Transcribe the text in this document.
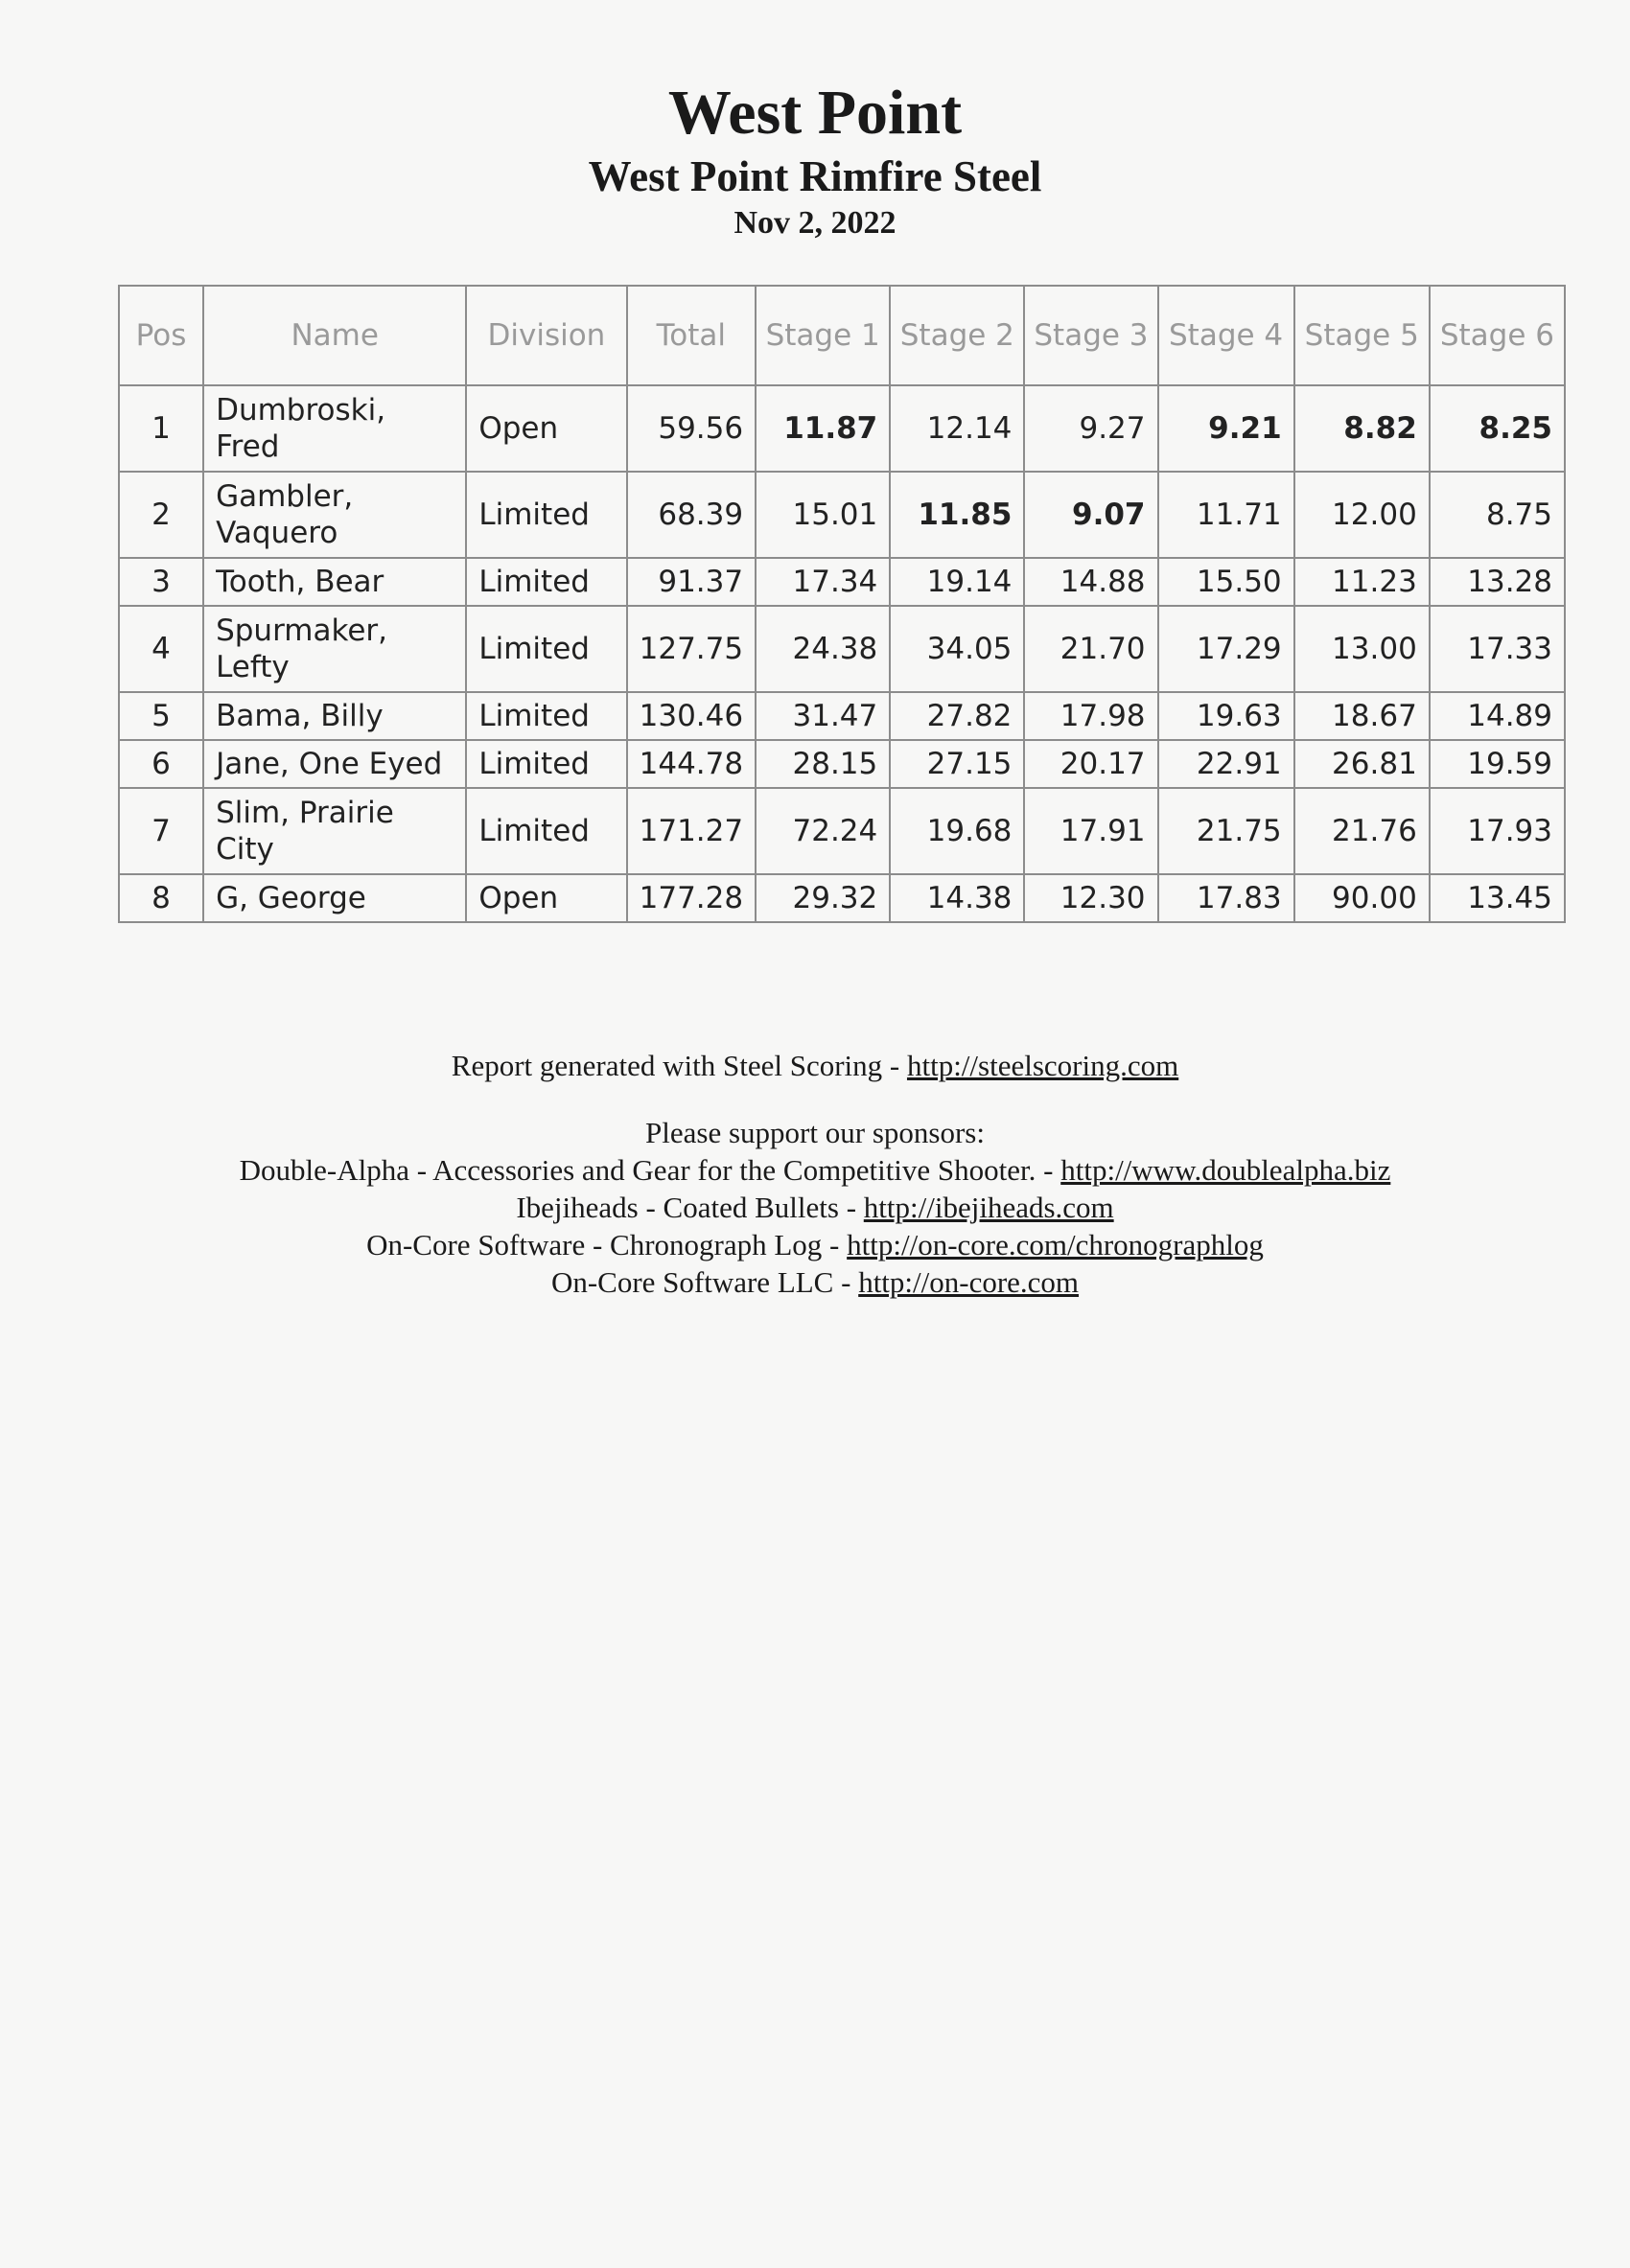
West Point
West Point Rimfire Steel
Nov 2, 2022
Pos	Name	Division	Total	Stage 1	Stage 2	Stage 3	Stage 4	Stage 5	Stage 6
1	Dumbroski, Fred	Open	59.56	11.87	12.14	9.27	9.21	8.82	8.25
2	Gambler, Vaquero	Limited	68.39	15.01	11.85	9.07	11.71	12.00	8.75
3	Tooth, Bear	Limited	91.37	17.34	19.14	14.88	15.50	11.23	13.28
4	Spurmaker, Lefty	Limited	127.75	24.38	34.05	21.70	17.29	13.00	17.33
5	Bama, Billy	Limited	130.46	31.47	27.82	17.98	19.63	18.67	14.89
6	Jane, One Eyed	Limited	144.78	28.15	27.15	20.17	22.91	26.81	19.59
7	Slim, Prairie City	Limited	171.27	72.24	19.68	17.91	21.75	21.76	17.93
8	G, George	Open	177.28	29.32	14.38	12.30	17.83	90.00	13.45
Report generated with Steel Scoring - http://steelscoring.com
Please support our sponsors:
Double-Alpha - Accessories and Gear for the Competitive Shooter. - http://www.doublealpha.biz
Ibejiheads - Coated Bullets - http://ibejiheads.com
On-Core Software - Chronograph Log - http://on-core.com/chronographlog
On-Core Software LLC - http://on-core.com
